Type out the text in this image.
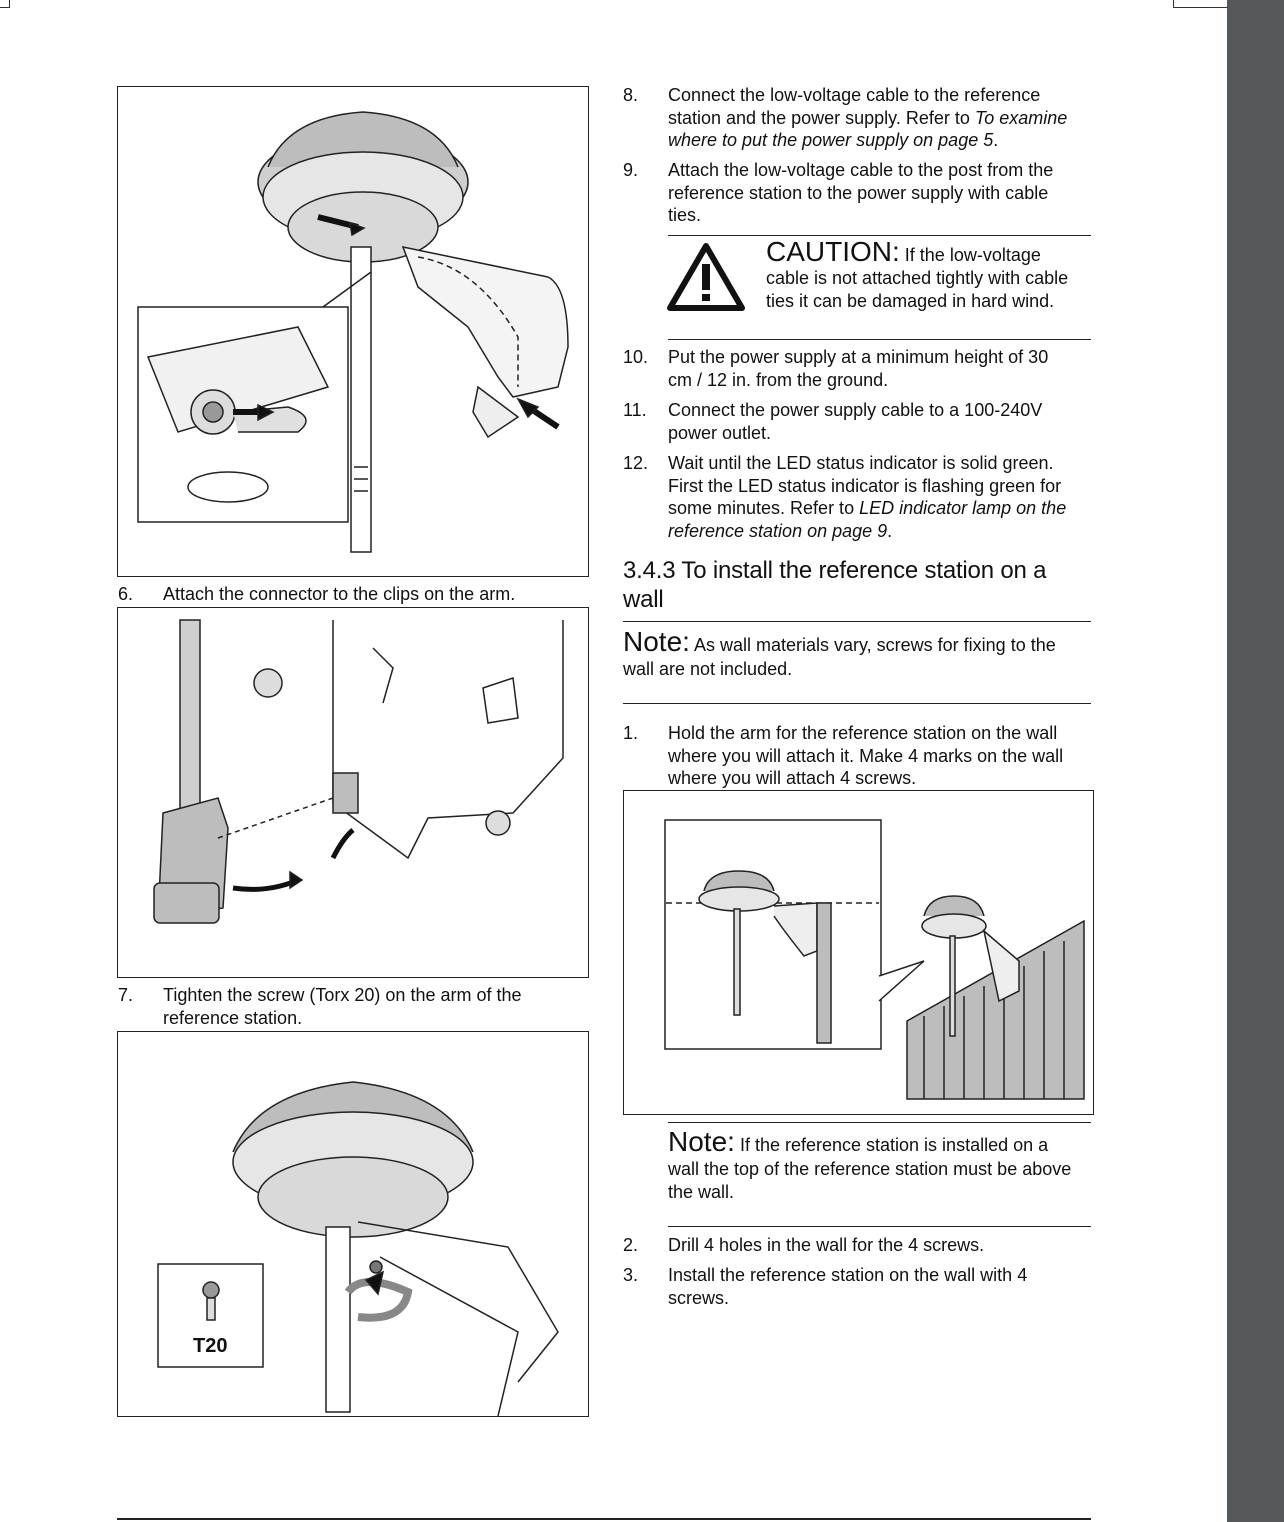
6. Attach the connector to the clips on the arm.
7. Tighten the screw (Torx 20) on the arm of the
reference station.
T20
8. Connect the low-voltage cable to the reference
station and the power supply. Refer to To examine
where to put the power supply on page 5.
9. Attach the low-voltage cable to the post from the
reference station to the power supply with cable
ties.
CAUTION: If the low-voltage
cable is not attached tightly with cable
ties it can be damaged in hard wind.
10. Put the power supply at a minimum height of 30
cm / 12 in. from the ground.
11. Connect the power supply cable to a 100-240V
power outlet.
12. Wait until the LED status indicator is solid green.
First the LED status indicator is flashing green for
some minutes. Refer to LED indicator lamp on the
reference station on page 9.
3.4.3 To install the reference station on a
wall
Note: As wall materials vary, screws for fixing to the
wall are not included.
1. Hold the arm for the reference station on the wall
where you will attach it. Make 4 marks on the wall
where you will attach 4 screws.
Note: If the reference station is installed on a
wall the top of the reference station must be above
the wall.
2. Drill 4 holes in the wall for the 4 screws.
3. Install the reference station on the wall with 4
screws.
